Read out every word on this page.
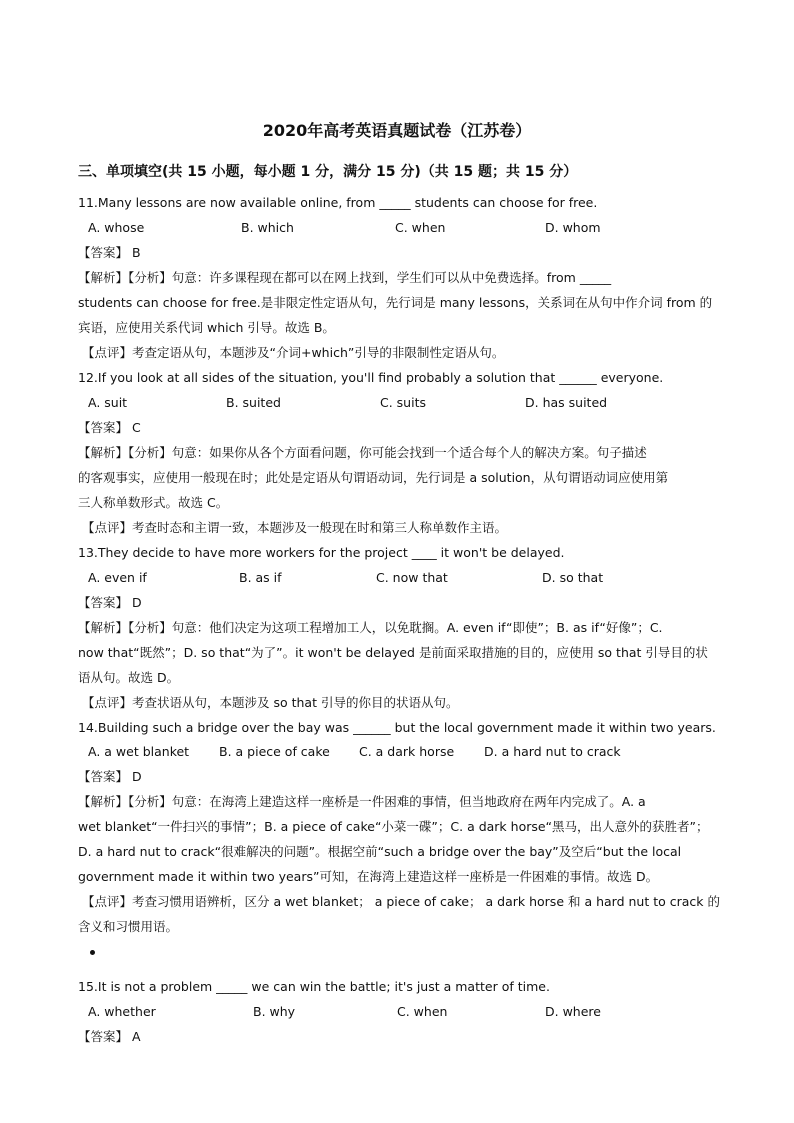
2020年高考英语真题试卷（江苏卷）
三、单项填空(共 15 小题，每小题 1 分，满分 15 分)（共 15 题；共 15 分）
11.Many lessons are now available online, from _____ students can choose for free.
A. whose	B. which	C. when	D. whom
【答案】 B
【解析】【分析】句意：许多课程现在都可以在网上找到，学生们可以从中免费选择。from _____
students can choose for free.是非限定性定语从句，先行词是 many lessons，关系词在从句中作介词 from 的
宾语，应使用关系代词 which 引导。故选 B。
【点评】考查定语从句，本题涉及“介词+which”引导的非限制性定语从句。
12.If you look at all sides of the situation, you'll find probably a solution that ______ everyone.
A. suit	B. suited	C. suits	D. has suited
【答案】 C
【解析】【分析】句意：如果你从各个方面看问题，你可能会找到一个适合每个人的解决方案。句子描述
的客观事实，应使用一般现在时；此处是定语从句谓语动词，先行词是 a solution，从句谓语动词应使用第
三人称单数形式。故选 C。
【点评】考查时态和主谓一致，本题涉及一般现在时和第三人称单数作主语。
13.They decide to have more workers for the project ____ it won't be delayed.
A. even if	B. as if	C. now that	D. so that
【答案】 D
【解析】【分析】句意：他们决定为这项工程增加工人，以免耽搁。A. even if“即使”；B. as if“好像”；C.
now that“既然”；D. so that“为了”。it won't be delayed 是前面采取措施的目的，应使用 so that 引导目的状
语从句。故选 D。
【点评】考查状语从句，本题涉及 so that 引导的你目的状语从句。
14.Building such a bridge over the bay was ______ but the local government made it within two years.
A. a wet blanket B. a piece of cake C. a dark horse D. a hard nut to crack
【答案】 D
【解析】【分析】句意：在海湾上建造这样一座桥是一件困难的事情，但当地政府在两年内完成了。A. a
wet blanket“一件扫兴的事情”；B. a piece of cake“小菜一碟”；C. a dark horse“黑马，出人意外的获胜者”；
D. a hard nut to crack“很难解决的问题”。根据空前“such a bridge over the bay”及空后“but the local
government made it within two years”可知，在海湾上建造这样一座桥是一件困难的事情。故选 D。
【点评】考查习惯用语辨析，区分 a wet blanket； a piece of cake； a dark horse 和 a hard nut to crack 的
含义和习惯用语。
15.It is not a problem _____ we can win the battle; it's just a matter of time.
A. whether	B. why	C. when	D. where
【答案】 A
